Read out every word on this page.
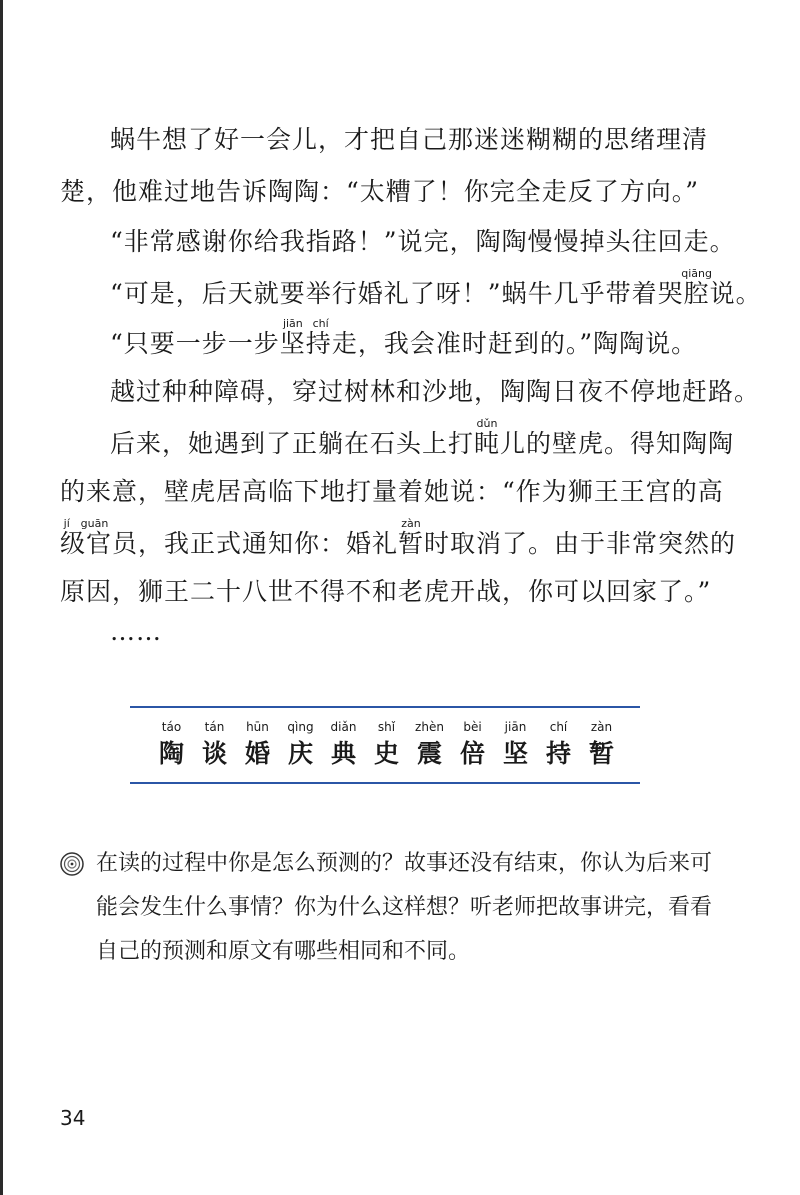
蜗牛想了好一会儿，才把自己那迷迷糊糊的思绪理清
楚，他难过地告诉陶陶：“太糟了！你完全走反了方向。”
“非常感谢你给我指路！”说完，陶陶慢慢掉头往回走。
“可是，后天就要举行婚礼了呀！”蜗牛几乎带着哭腔qiāng说。
“只要一步一步坚持jiān chí走，我会准时赶到的。”陶陶说。
越过种种障碍，穿过树林和沙地，陶陶日夜不停地赶路。
后来，她遇到了正躺在石头上打盹dǔn儿的壁虎。得知陶陶
的来意，壁虎居高临下地打量着她说：“作为狮王王宫的高
级官jí guān员，我正式通知你：婚礼暂zàn时取消了。由于非常突然的
原因，狮王二十八世不得不和老虎开战，你可以回家了。”
……
táo
陶
tán
谈
hūn
婚
qìng
庆
diǎn
典
shǐ
史
zhèn
震
bèi
倍
jiān
坚
chí
持
zàn
暂
在读的过程中你是怎么预测的？故事还没有结束，你认为后来可
能会发生什么事情？你为什么这样想？听老师把故事讲完，看看
自己的预测和原文有哪些相同和不同。
34
